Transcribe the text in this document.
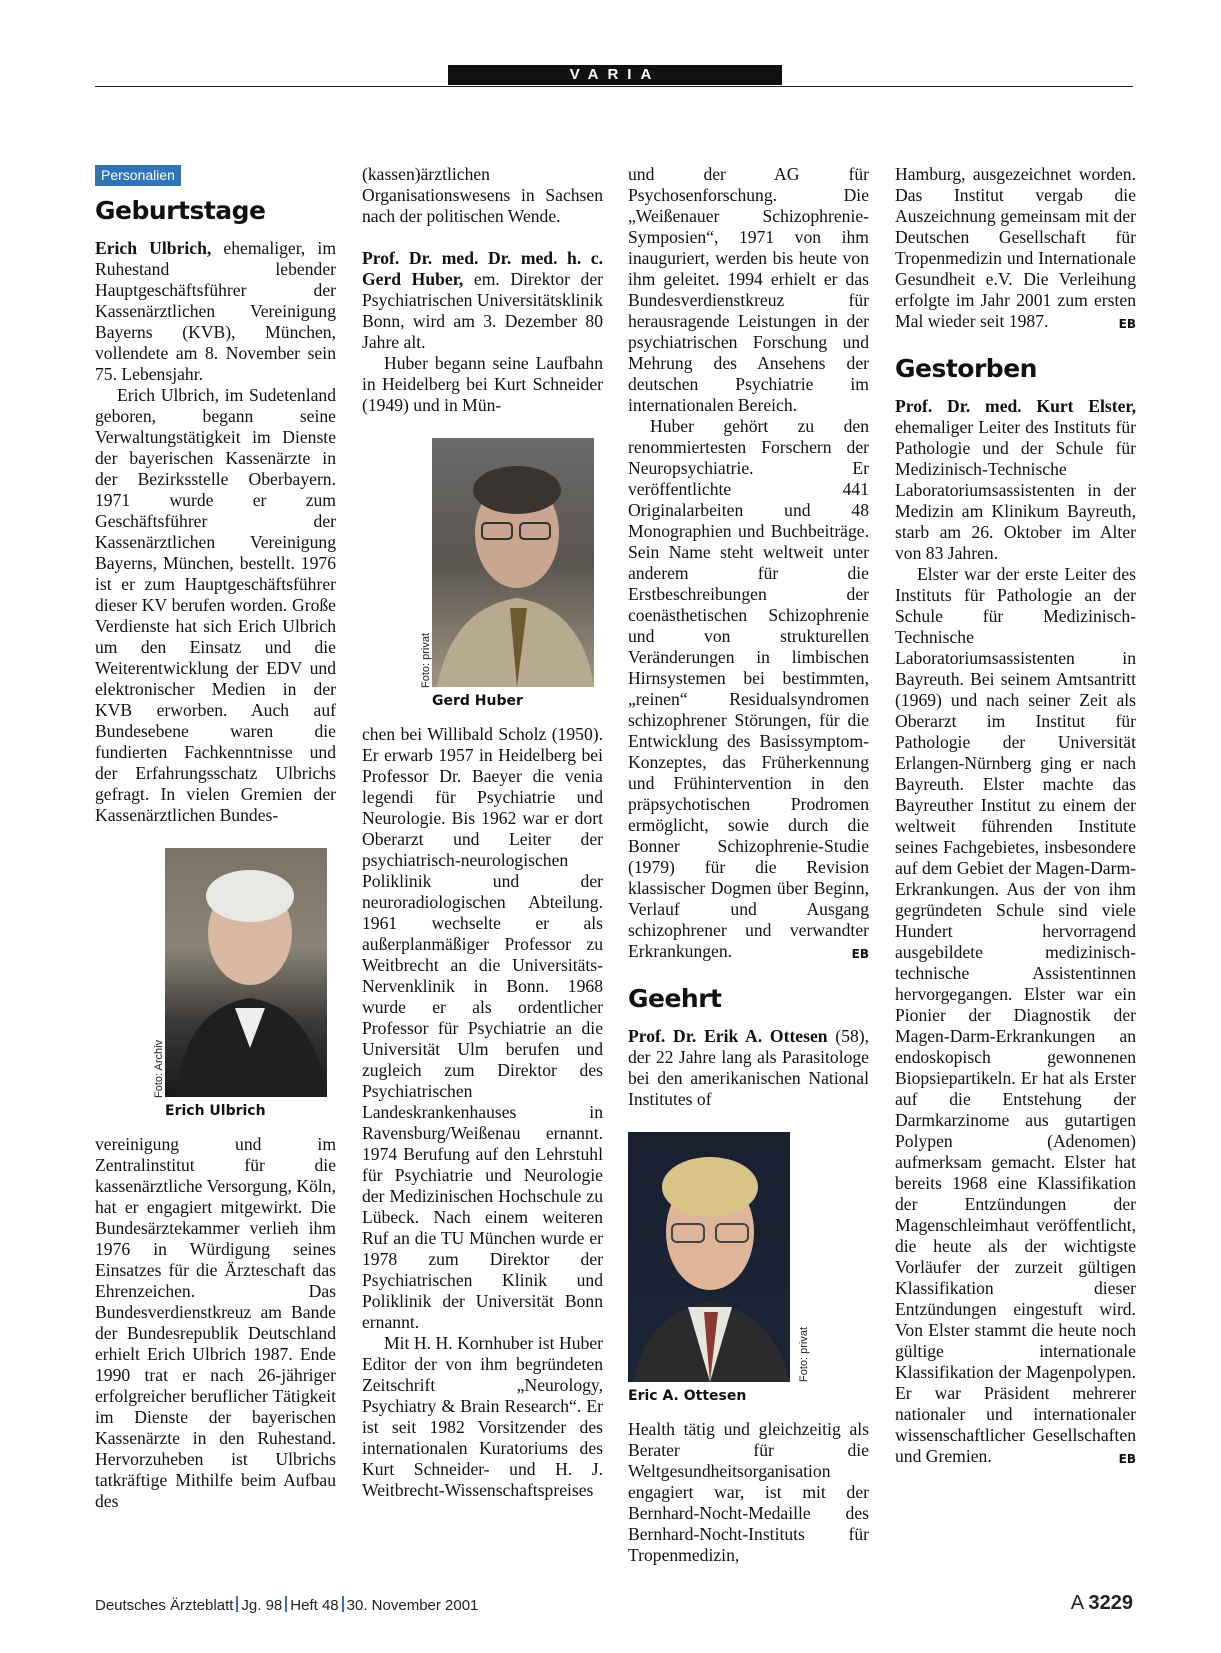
VARIA
Personalien
Geburtstage

Erich Ulbrich, ehemaliger, im Ruhestand lebender Hauptgeschäftsführer der Kassenärztlichen Vereinigung Bayerns (KVB), München, vollendete am 8. November sein 75. Lebensjahr.

Erich Ulbrich, im Sudetenland geboren, begann seine Verwaltungstätigkeit im Dienste der bayerischen Kassenärzte in der Bezirksstelle Oberbayern. 1971 wurde er zum Geschäftsführer der Kassenärztlichen Vereinigung Bayerns, München, bestellt. 1976 ist er zum Hauptgeschäftsführer dieser KV berufen worden. Große Verdienste hat sich Erich Ulbrich um den Einsatz und die Weiterentwicklung der EDV und elektronischer Medien in der KVB erworben. Auch auf Bundesebene waren die fundierten Fachkenntnisse und der Erfahrungsschatz Ulbrichs gefragt. In vielen Gremien der Kassenärztlichen Bundes-

Foto: Archiv
Erich Ulbrich

vereinigung und im Zentralinstitut für die kassenärztliche Versorgung, Köln, hat er engagiert mitgewirkt. Die Bundesärztekammer verlieh ihm 1976 in Würdigung seines Einsatzes für die Ärzteschaft das Ehrenzeichen. Das Bundesverdienstkreuz am Bande der Bundesrepublik Deutschland erhielt Erich Ulbrich 1987. Ende 1990 trat er nach 26-jähriger erfolgreicher beruflicher Tätigkeit im Dienste der bayerischen Kassenärzte in den Ruhestand. Hervorzuheben ist Ulbrichs tatkräftige Mithilfe beim Aufbau des

(kassen)ärztlichen Organisationswesens in Sachsen nach der politischen Wende.

Prof. Dr. med. Dr. med. h. c. Gerd Huber, em. Direktor der Psychiatrischen Universitätsklinik Bonn, wird am 3. Dezember 80 Jahre alt.

Huber begann seine Laufbahn in Heidelberg bei Kurt Schneider (1949) und in Mün-

Foto: privat
Gerd Huber

chen bei Willibald Scholz (1950). Er erwarb 1957 in Heidelberg bei Professor Dr. Baeyer die venia legendi für Psychiatrie und Neurologie. Bis 1962 war er dort Oberarzt und Leiter der psychiatrisch-neurologischen Poliklinik und der neuroradiologischen Abteilung. 1961 wechselte er als außerplanmäßiger Professor zu Weitbrecht an die Universitäts-Nervenklinik in Bonn. 1968 wurde er als ordentlicher Professor für Psychiatrie an die Universität Ulm berufen und zugleich zum Direktor des Psychiatrischen Landeskrankenhauses in Ravensburg/Weißenau ernannt. 1974 Berufung auf den Lehrstuhl für Psychiatrie und Neurologie der Medizinischen Hochschule zu Lübeck. Nach einem weiteren Ruf an die TU München wurde er 1978 zum Direktor der Psychiatrischen Klinik und Poliklinik der Universität Bonn ernannt.

Mit H. H. Kornhuber ist Huber Editor der von ihm begründeten Zeitschrift „Neurology, Psychiatry & Brain Research“. Er ist seit 1982 Vorsitzender des internationalen Kuratoriums des Kurt Schneider- und H. J. Weitbrecht-Wissenschaftspreises

und der AG für Psychosenforschung. Die „Weißenauer Schizophrenie-Symposien“, 1971 von ihm inauguriert, werden bis heute von ihm geleitet. 1994 erhielt er das Bundesverdienstkreuz für herausragende Leistungen in der psychiatrischen Forschung und Mehrung des Ansehens der deutschen Psychiatrie im internationalen Bereich.

Huber gehört zu den renommiertesten Forschern der Neuropsychiatrie. Er veröffentlichte 441 Originalarbeiten und 48 Monographien und Buchbeiträge. Sein Name steht weltweit unter anderem für die Erstbeschreibungen der coenästhetischen Schizophrenie und von strukturellen Veränderungen in limbischen Hirnsystemen bei bestimmten, „reinen“ Residualsyndromen schizophrener Störungen, für die Entwicklung des Basissymptom-Konzeptes, das Früherkennung und Frühintervention in den präpsychotischen Prodromen ermöglicht, sowie durch die Bonner Schizophrenie-Studie (1979) für die Revision klassischer Dogmen über Beginn, Verlauf und Ausgang schizophrener und verwandter Erkrankungen.	EB

Geehrt

Prof. Dr. Erik A. Ottesen (58), der 22 Jahre lang als Parasitologe bei den amerikanischen National Institutes of

Foto: privat
Eric A. Ottesen

Health tätig und gleichzeitig als Berater für die Weltgesundheitsorganisation engagiert war, ist mit der Bernhard-Nocht-Medaille des Bernhard-Nocht-Instituts für Tropenmedizin,

Hamburg, ausgezeichnet worden. Das Institut vergab die Auszeichnung gemeinsam mit der Deutschen Gesellschaft für Tropenmedizin und Internationale Gesundheit e.V. Die Verleihung erfolgte im Jahr 2001 zum ersten Mal wieder seit 1987.	EB

Gestorben

Prof. Dr. med. Kurt Elster, ehemaliger Leiter des Instituts für Pathologie und der Schule für Medizinisch-Technische Laboratoriumsassistenten in der Medizin am Klinikum Bayreuth, starb am 26. Oktober im Alter von 83 Jahren.

Elster war der erste Leiter des Instituts für Pathologie an der Schule für Medizinisch-Technische Laboratoriumsassistenten in Bayreuth. Bei seinem Amtsantritt (1969) und nach seiner Zeit als Oberarzt im Institut für Pathologie der Universität Erlangen-Nürnberg ging er nach Bayreuth. Elster machte das Bayreuther Institut zu einem der weltweit führenden Institute seines Fachgebietes, insbesondere auf dem Gebiet der Magen-Darm-Erkrankungen. Aus der von ihm gegründeten Schule sind viele Hundert hervorragend ausgebildete medizinisch-technische Assistentinnen hervorgegangen. Elster war ein Pionier der Diagnostik der Magen-Darm-Erkrankungen an endoskopisch gewonnenen Biopsiepartikeln. Er hat als Erster auf die Entstehung der Darmkarzinome aus gutartigen Polypen (Adenomen) aufmerksam gemacht. Elster hat bereits 1968 eine Klassifikation der Entzündungen der Magenschleimhaut veröffentlicht, die heute als der wichtigste Vorläufer der zurzeit gültigen Klassifikation dieser Entzündungen eingestuft wird. Von Elster stammt die heute noch gültige internationale Klassifikation der Magenpolypen. Er war Präsident mehrerer nationaler und internationaler wissenschaftlicher Gesellschaften und Gremien.	EB

Deutsches Ärzteblatt Jg. 98 Heft 48 30. November 2001	A 3229
